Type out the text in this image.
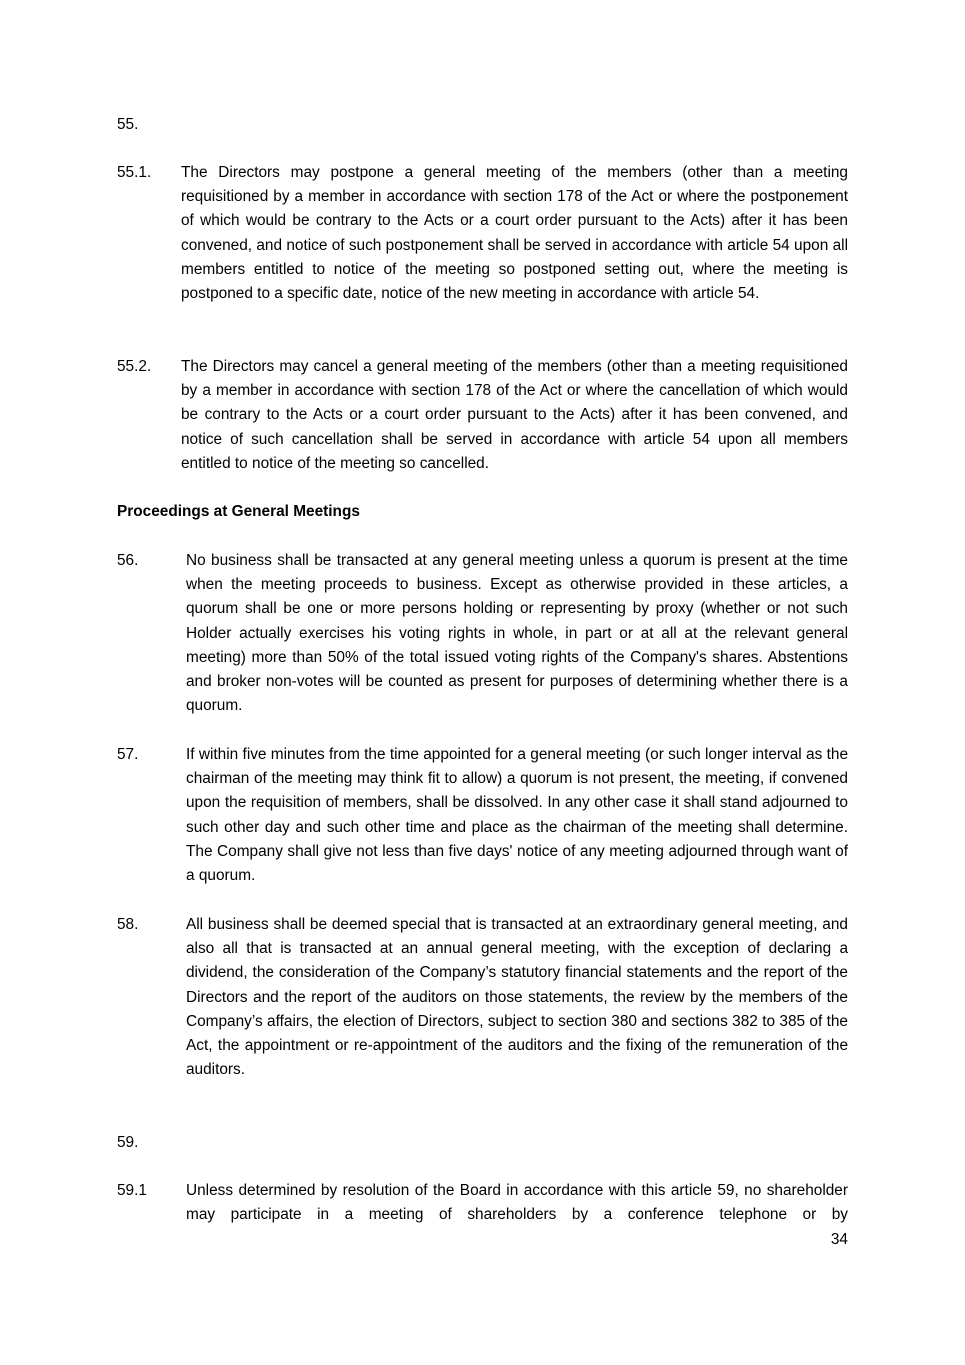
55.
55.1. The Directors may postpone a general meeting of the members (other than a meeting requisitioned by a member in accordance with section 178 of the Act or where the postponement of which would be contrary to the Acts or a court order pursuant to the Acts) after it has been convened, and notice of such postponement shall be served in accordance with article 54 upon all members entitled to notice of the meeting so postponed setting out, where the meeting is postponed to a specific date, notice of the new meeting in accordance with article 54.
55.2. The Directors may cancel a general meeting of the members (other than a meeting requisitioned by a member in accordance with section 178 of the Act or where the cancellation of which would be contrary to the Acts or a court order pursuant to the Acts) after it has been convened, and notice of such cancellation shall be served in accordance with article 54 upon all members entitled to notice of the meeting so cancelled.
Proceedings at General Meetings
56.	No business shall be transacted at any general meeting unless a quorum is present at the time when the meeting proceeds to business. Except as otherwise provided in these articles, a quorum shall be one or more persons holding or representing by proxy (whether or not such Holder actually exercises his voting rights in whole, in part or at all at the relevant general meeting) more than 50% of the total issued voting rights of the Company's shares. Abstentions and broker non-votes will be counted as present for purposes of determining whether there is a quorum.
57.	If within five minutes from the time appointed for a general meeting (or such longer interval as the chairman of the meeting may think fit to allow) a quorum is not present, the meeting, if convened upon the requisition of members, shall be dissolved. In any other case it shall stand adjourned to such other day and such other time and place as the chairman of the meeting shall determine. The Company shall give not less than five days' notice of any meeting adjourned through want of a quorum.
58.	All business shall be deemed special that is transacted at an extraordinary general meeting, and also all that is transacted at an annual general meeting, with the exception of declaring a dividend, the consideration of the Company’s statutory financial statements and the report of the Directors and the report of the auditors on those statements, the review by the members of the Company’s affairs, the election of Directors, subject to section 380 and sections 382 to 385 of the Act, the appointment or re-appointment of the auditors and the fixing of the remuneration of the auditors.
59.
59.1	Unless determined by resolution of the Board in accordance with this article 59, no shareholder may participate in a meeting of shareholders by a conference telephone or by
34
